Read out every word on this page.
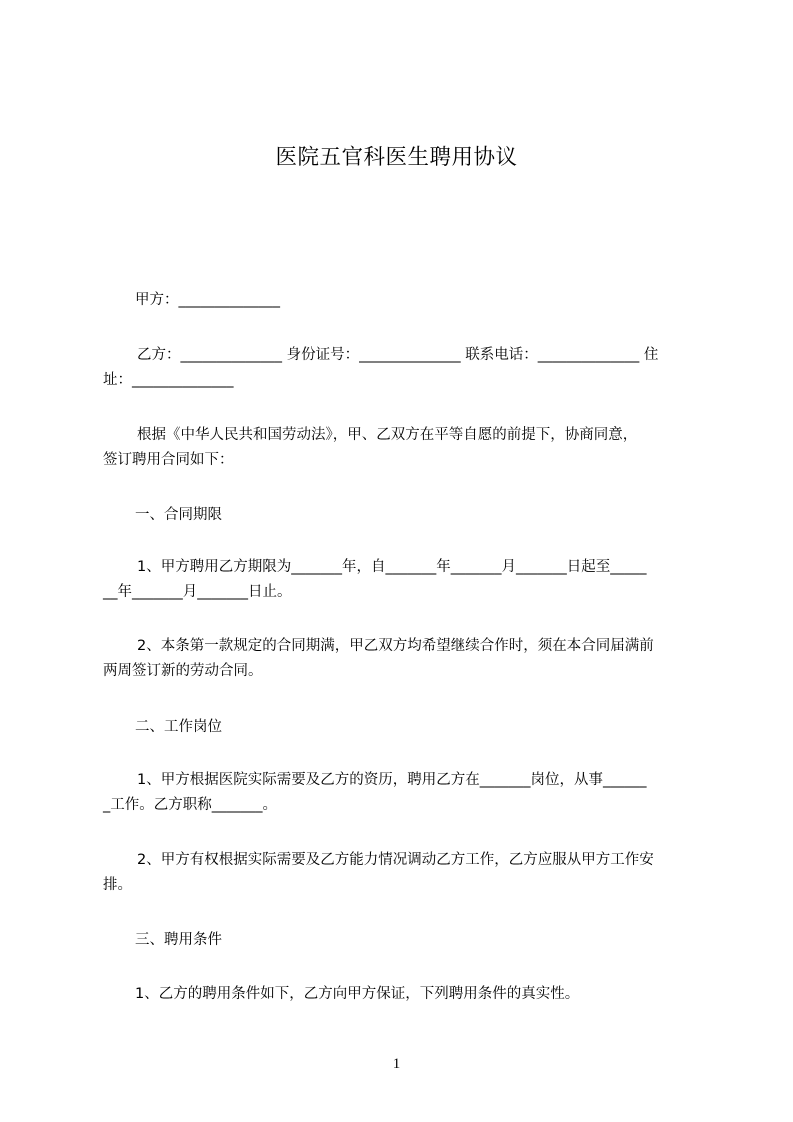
医院五官科医生聘用协议
甲方：______________
乙方：______________ 身份证号：______________ 联系电话：______________ 住
址：______________
根据《中华人民共和国劳动法》，甲、乙双方在平等自愿的前提下，协商同意，
签订聘用合同如下：
一、合同期限
1、甲方聘用乙方期限为_______年，自_______年_______月_______日起至_____
__年_______月_______日止。
2、本条第一款规定的合同期满，甲乙双方均希望继续合作时，须在本合同届满前
两周签订新的劳动合同。
二、工作岗位
1、甲方根据医院实际需要及乙方的资历，聘用乙方在_______岗位，从事______
_工作。乙方职称_______。
2、甲方有权根据实际需要及乙方能力情况调动乙方工作，乙方应服从甲方工作安
排。
三、聘用条件
1、乙方的聘用条件如下，乙方向甲方保证，下列聘用条件的真实性。
1
